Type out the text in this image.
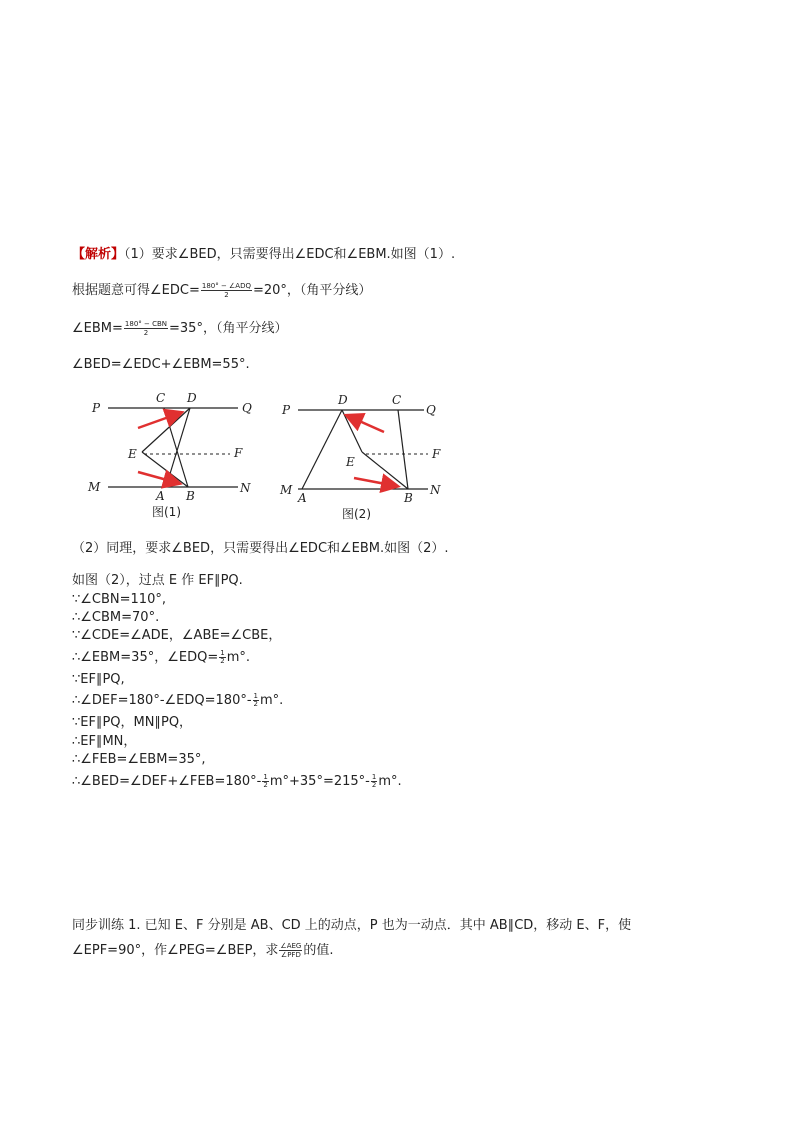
【解析】（1）要求∠BED，只需要得出∠EDC和∠EBM.如图（1）.
根据题意可得∠EDC= $\frac{\text{180° − ∠ADQ}}{2} =20^\circ$，（角平分线）
∠EBM= $\frac{\text{180° − CBN}}{2} =35^\circ$，（角平分线）
∠BED=∠EDC+∠EBM=55°.
P
C D
Q
E	F
M
A B
N
图(1)
P
D	C
Q
E
F
M
A	B
N
图(2)
（2）同理，要求∠BED，只需要得出∠EDC和∠EBM.如图（2）.
如图（2），过点 E 作 EF∥PQ.
∵∠CBN=110°,
∴∠CBM=70°.
∵∠CDE=∠ADE，∠ABE=∠CBE，
∴∠EBM=35°，∠EDQ= $\frac{1}{2} m^\circ$.
∵EF∥PQ,
∴∠DEF=180°-∠EDQ=180°- $\frac{1}{2} m^\circ$.
∵EF∥PQ，MN∥PQ，
∴EF∥MN，
∴∠FEB=∠EBM=35°,
∴∠BED=∠DEF+∠FEB=180°- $\frac{1}{2} m^\circ+35^\circ=215^\circ- \frac{1}{2} m^\circ$.
同步训练 1. 已知 E、F 分别是 AB、CD 上的动点，P 也为一动点．其中 AB∥CD，移动 E、F，使
∠EPF=90°，作∠PEG=∠BEP，求 $\frac{\text{∠AEG}}{\text{∠PFD}}$ 的值.
